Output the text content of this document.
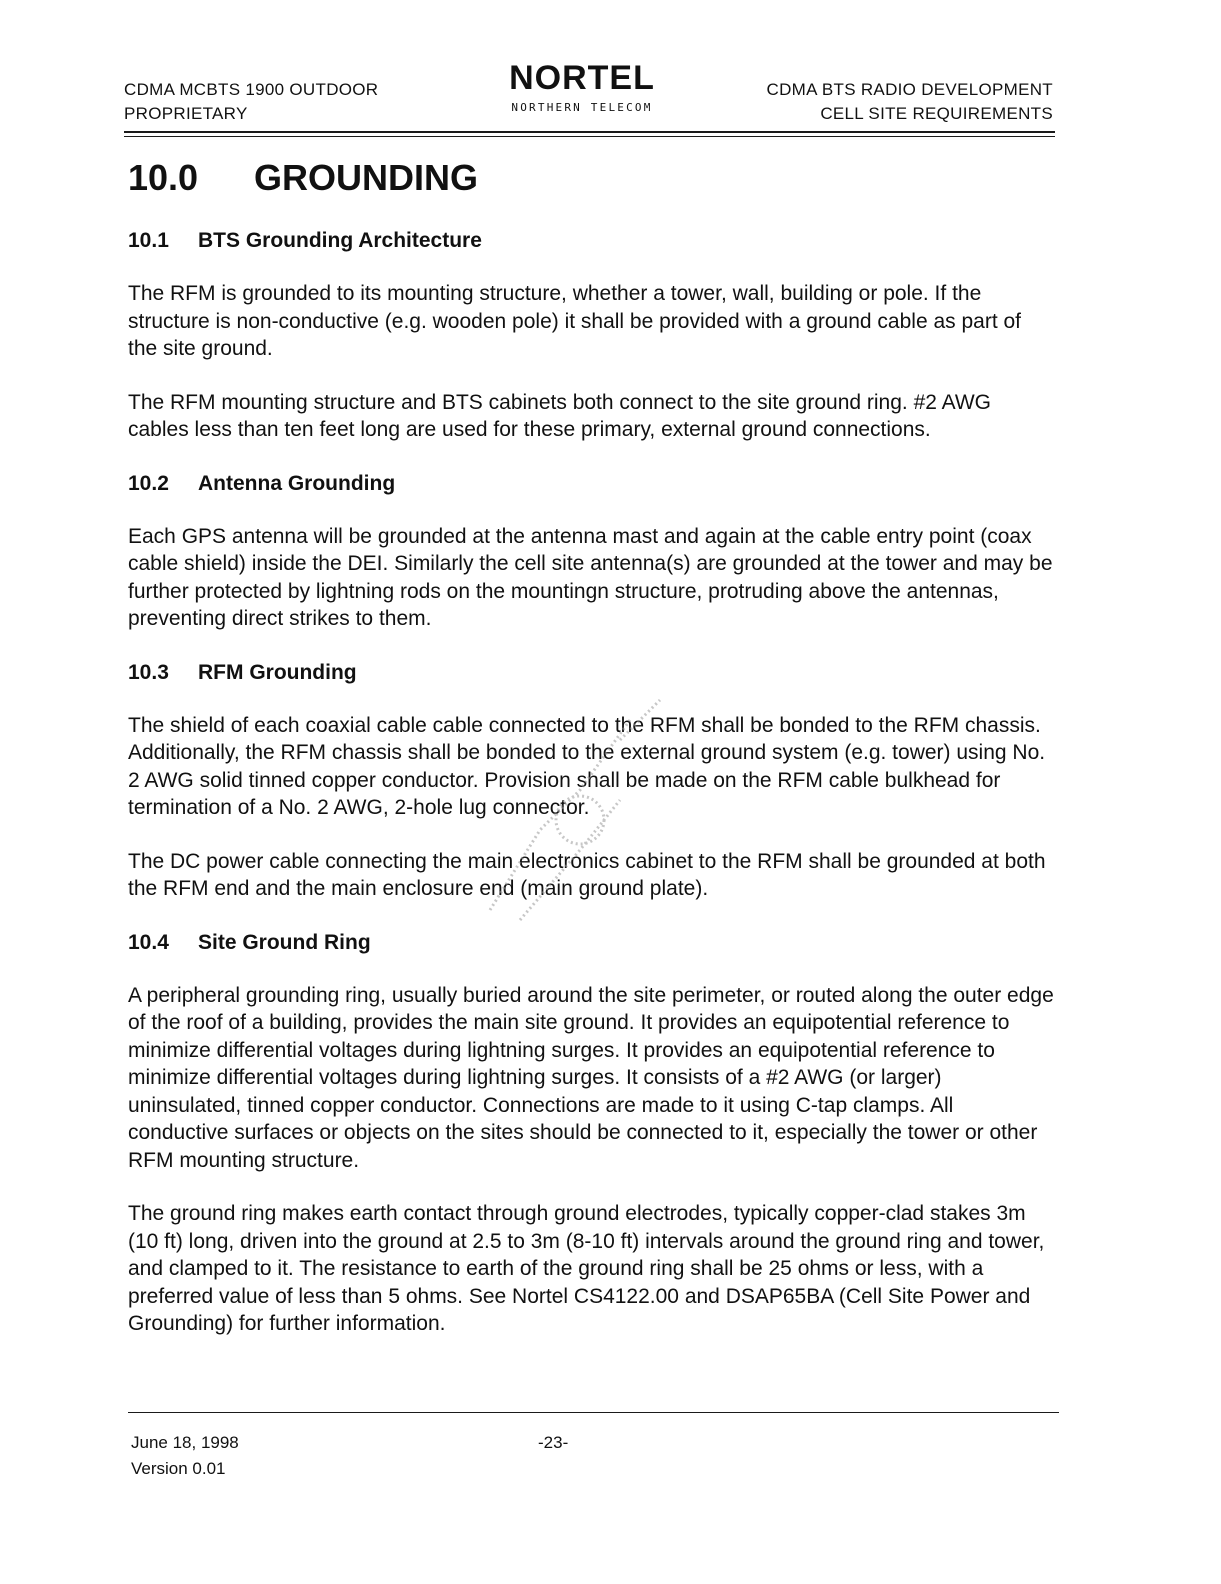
CDMA MCBTS 1900 OUTDOOR
PROPRIETARY
NORTEL
NORTHERN TELECOM
CDMA BTS RADIO DEVELOPMENT
CELL SITE REQUIREMENTS
10.0	GROUNDING
10.1	BTS Grounding Architecture

The RFM is grounded to its mounting structure, whether a tower, wall, building or pole. If the structure is non-conductive (e.g. wooden pole) it shall be provided with a ground cable as part of the site ground.

The RFM mounting structure and BTS cabinets both connect to the site ground ring. #2 AWG cables less than ten feet long are used for these primary, external ground connections.

10.2	Antenna Grounding

Each GPS antenna will be grounded at the antenna mast and again at the cable entry point (coax cable shield) inside the DEI. Similarly the cell site antenna(s) are grounded at the tower and may be further protected by lightning rods on the mountingn structure, protruding above the antennas, preventing direct strikes to them.

10.3	RFM Grounding

The shield of each coaxial cable cable connected to the RFM shall be bonded to the RFM chassis. Additionally, the RFM chassis shall be bonded to the external ground system (e.g. tower) using No. 2 AWG solid tinned copper conductor. Provision shall be made on the RFM cable bulkhead for termination of a No. 2 AWG, 2-hole lug connector.

The DC power cable connecting the main electronics cabinet to the RFM shall be grounded at both the RFM end and the main enclosure end (main ground plate).

10.4	Site Ground Ring

A peripheral grounding ring, usually buried around the site perimeter, or routed along the outer edge of the roof of a building, provides the main site ground. It provides an equipotential reference to minimize differential voltages during lightning surges. It provides an equipotential reference to minimize differential voltages during lightning surges. It consists of a #2 AWG (or larger) uninsulated, tinned copper conductor. Connections are made to it using C-tap clamps. All conductive surfaces or objects on the sites should be connected to it, especially the tower or other RFM mounting structure.

The ground ring makes earth contact through ground electrodes, typically copper-clad stakes 3m (10 ft) long, driven into the ground at 2.5 to 3m (8-10 ft) intervals around the ground ring and tower, and clamped to it. The resistance to earth of the ground ring shall be 25 ohms or less, with a preferred value of less than 5 ohms. See Nortel CS4122.00 and DSAP65BA (Cell Site Power and Grounding) for further information.

June 18, 1998
Version 0.01
-23-
